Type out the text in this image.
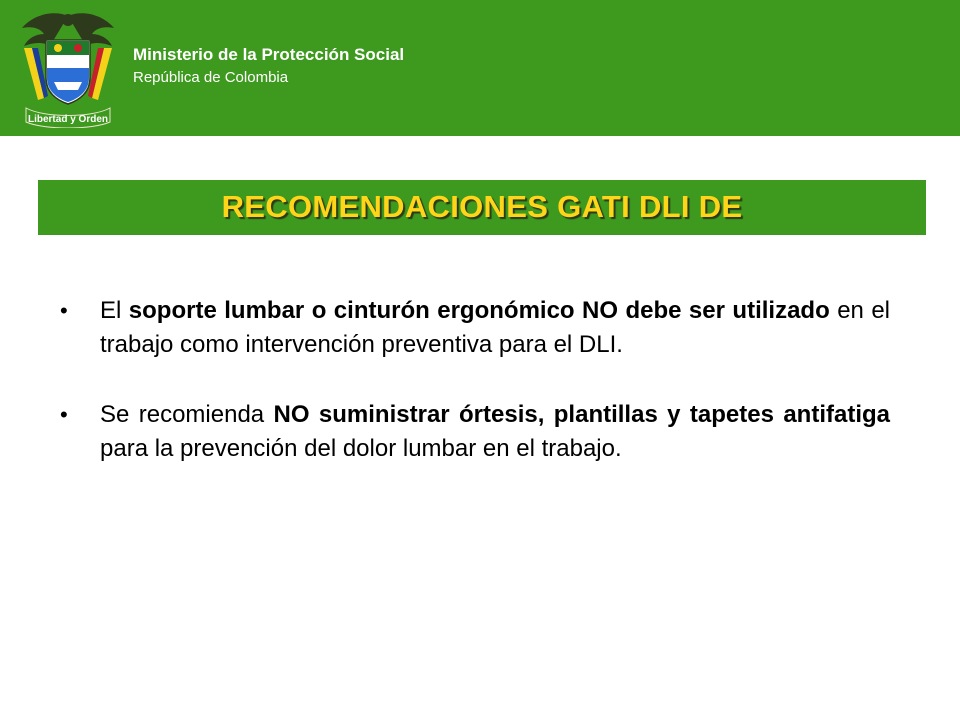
Libertad y Orden
Ministerio de la Protección Social
República de Colombia
RECOMENDACIONES GATI DLI DE
•	El soporte lumbar o cinturón ergonómico NO debe ser utilizado en el trabajo como intervención preventiva para el DLI.
•	Se recomienda NO suministrar órtesis, plantillas y tapetes antifatiga para la prevención del dolor lumbar en el trabajo.
